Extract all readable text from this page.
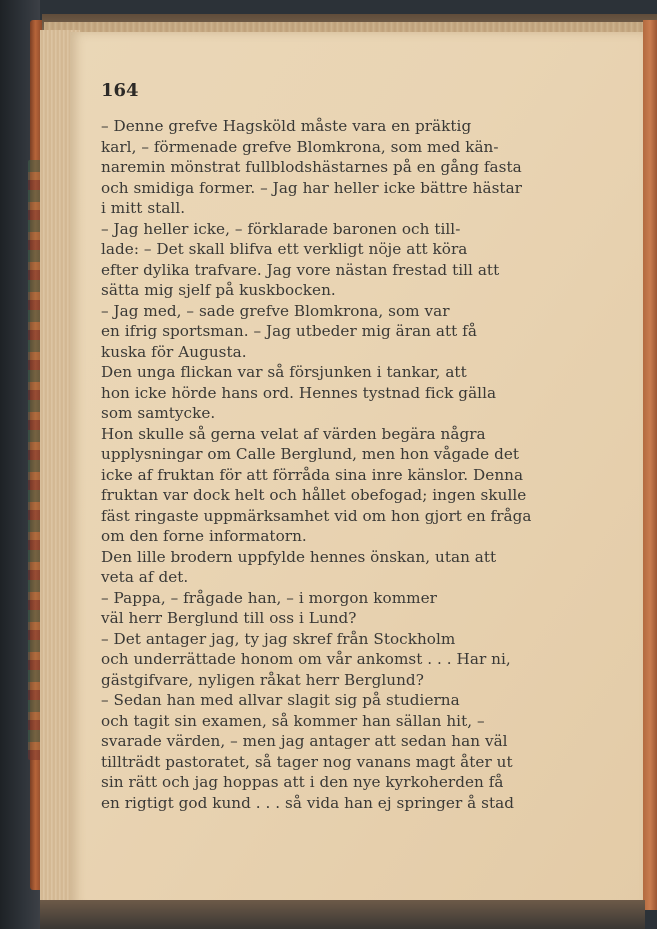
164

– Denne grefve Hagsköld måste vara en präktig
karl, – förmenade grefve Blomkrona, som med kän-
naremin mönstrat fullblodshästarnes på en gång fasta
och smidiga former. – Jag har heller icke bättre hästar
i mitt stall.

– Jag heller icke, – förklarade baronen och till-
lade: – Det skall blifva ett verkligt nöje att köra
efter dylika trafvare. Jag vore nästan frestad till att
sätta mig sjelf på kuskbocken.

– Jag med, – sade grefve Blomkrona, som var
en ifrig sportsman. – Jag utbeder mig äran att få
kuska för Augusta.

Den unga flickan var så försjunken i tankar, att
hon icke hörde hans ord. Hennes tystnad fick gälla
som samtycke.

Hon skulle så gerna velat af värden begära några
upplysningar om Calle Berglund, men hon vågade det
icke af fruktan för att förråda sina inre känslor. Denna
fruktan var dock helt och hållet obefogad; ingen skulle
fäst ringaste uppmärksamhet vid om hon gjort en fråga
om den forne informatorn.

Den lille brodern uppfylde hennes önskan, utan att
veta af det.

– Pappa, – frågade han, – i morgon kommer
väl herr Berglund till oss i Lund?

– Det antager jag, ty jag skref från Stockholm
och underrättade honom om vår ankomst . . . Har ni,
gästgifvare, nyligen råkat herr Berglund?

– Sedan han med allvar slagit sig på studierna
och tagit sin examen, så kommer han sällan hit, –
svarade värden, – men jag antager att sedan han väl
tillträdt pastoratet, så tager nog vanans magt åter ut
sin rätt och jag hoppas att i den nye kyrkoherden få
en rigtigt god kund . . . så vida han ej springer å stad
